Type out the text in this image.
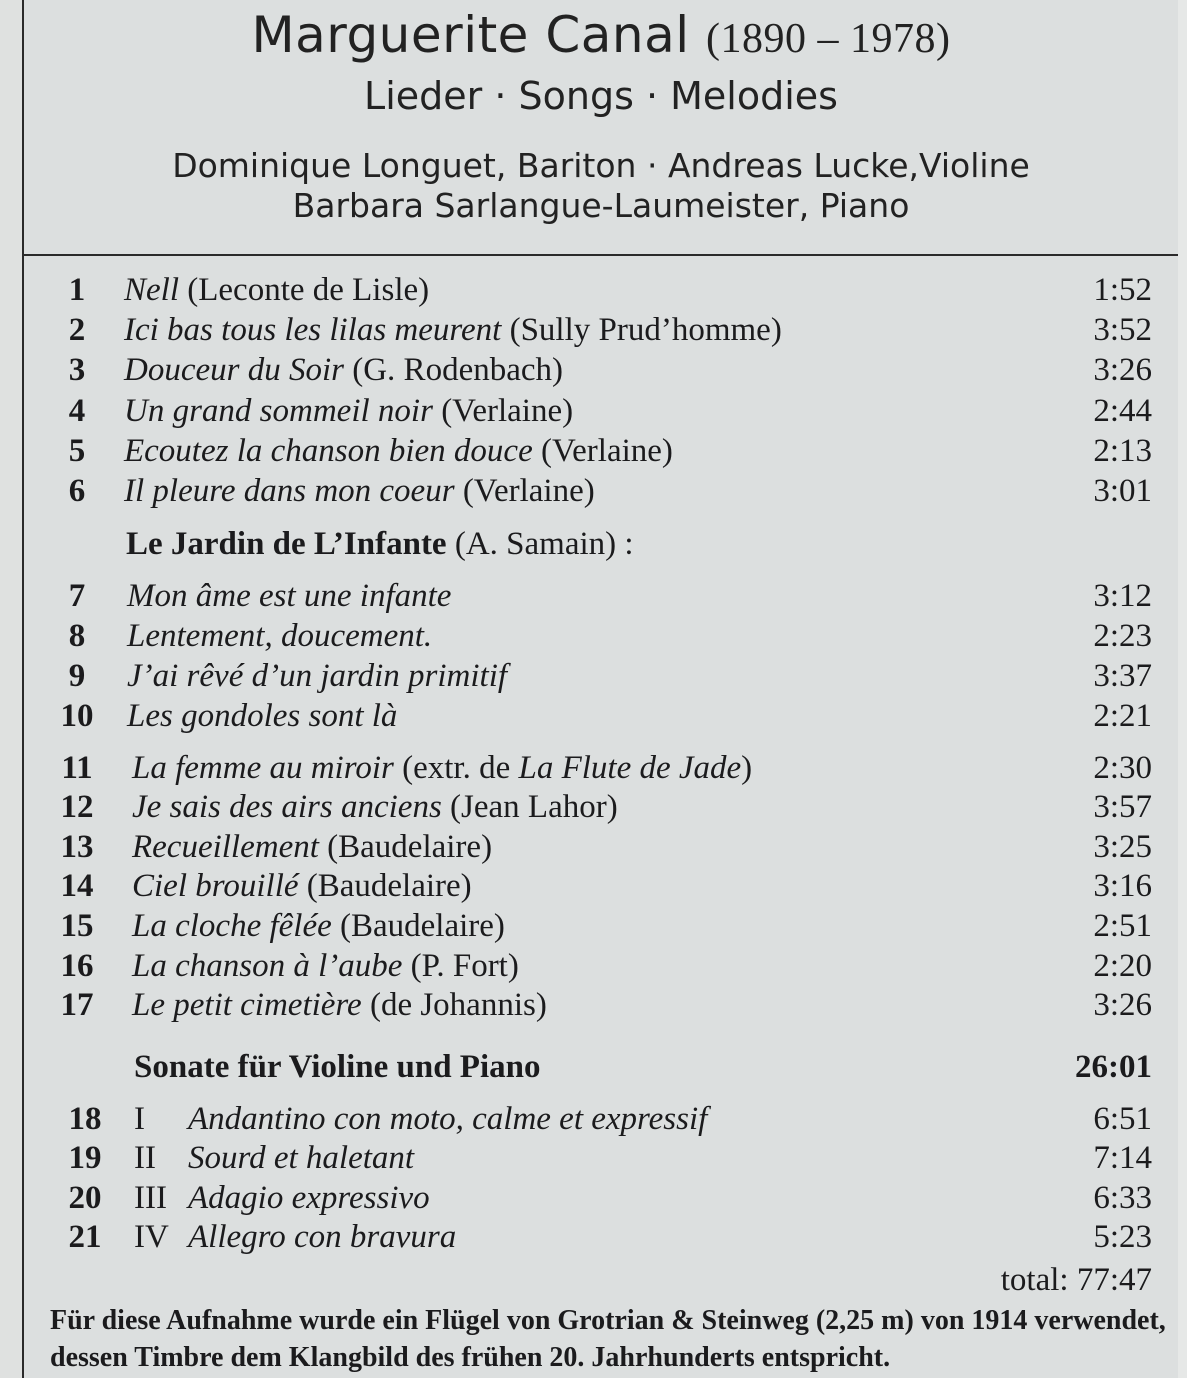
Marguerite Canal (1890 – 1978)
Lieder · Songs · Melodies
Dominique Longuet, Bariton · Andreas Lucke,Violine
Barbara Sarlangue-Laumeister, Piano
1	Nell (Leconte de Lisle)	1:52
2	Ici bas tous les lilas meurent (Sully Prud’homme)	3:52
3	Douceur du Soir (G. Rodenbach)	3:26
4	Un grand sommeil noir (Verlaine)	2:44
5	Ecoutez la chanson bien douce (Verlaine)	2:13
6	Il pleure dans mon coeur (Verlaine)	3:01
Le Jardin de L’Infante (A. Samain) :
7	Mon âme est une infante	3:12
8	Lentement, doucement.	2:23
9	J’ai rêvé d’un jardin primitif	3:37
10 Les gondoles sont là	2:21
11 La femme au miroir (extr. de La Flute de Jade)	2:30
12 Je sais des airs anciens (Jean Lahor)	3:57
13 Recueillement (Baudelaire)	3:25
14 Ciel brouillé (Baudelaire)	3:16
15 La cloche fêlée (Baudelaire)	2:51
16 La chanson à l’aube (P. Fort)	2:20
17 Le petit cimetière (de Johannis)	3:26
Sonate für Violine und Piano	26:01
18 I	Andantino con moto, calme et expressif	6:51
19 II Sourd et haletant	7:14
20 III Adagio expressivo	6:33
21 IV Allegro con bravura	5:23
total: 77:47
Für diese Aufnahme wurde ein Flügel von Grotrian & Steinweg (2,25 m) von 1914 verwendet,
dessen Timbre dem Klangbild des frühen 20. Jahrhunderts entspricht.
